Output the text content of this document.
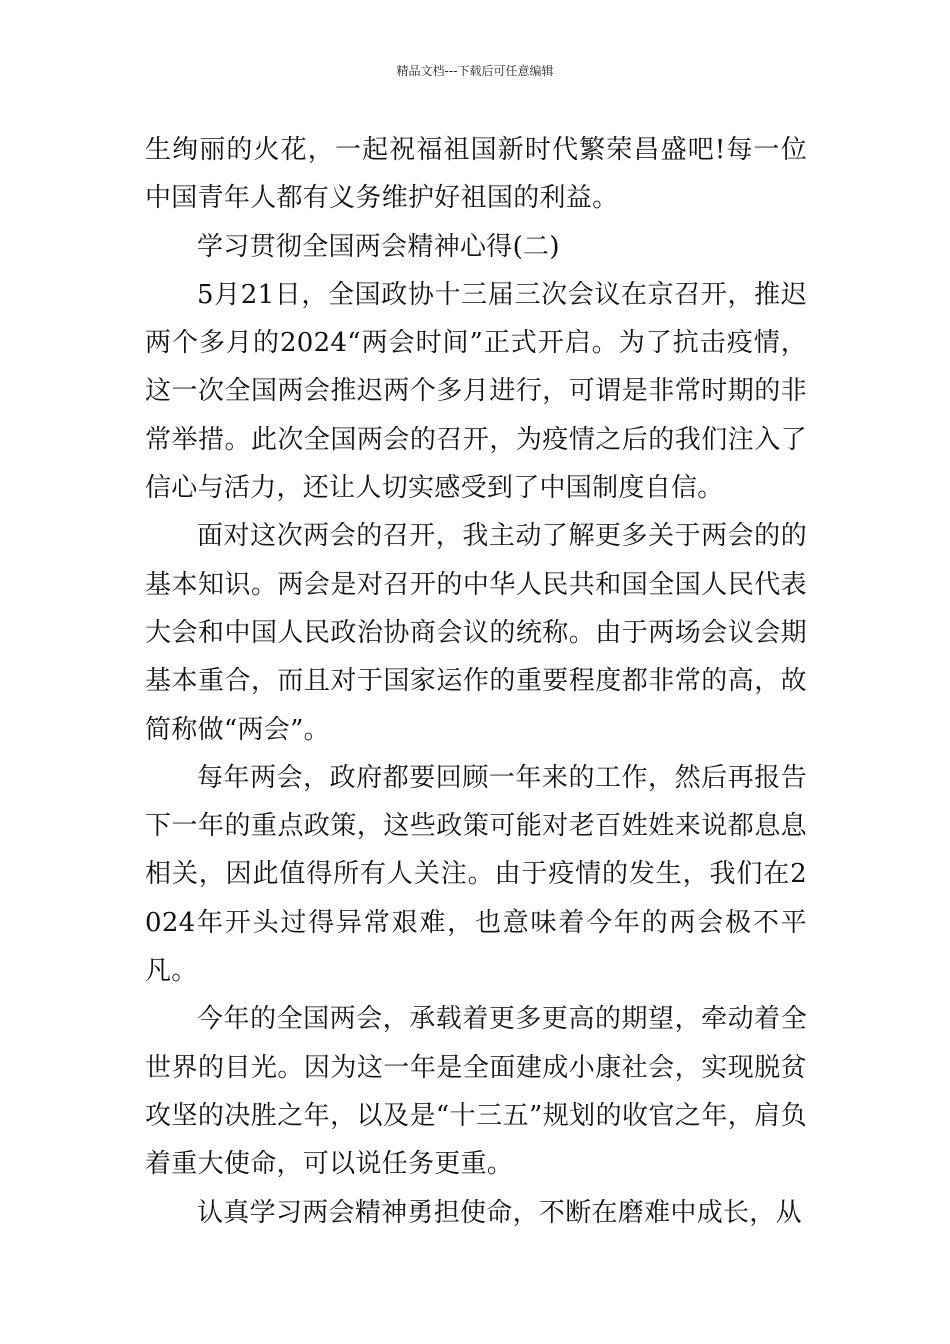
精品文档---下载后可任意编辑

生绚丽的火花，一起祝福祖国新时代繁荣昌盛吧!每一位中国青年人都有义务维护好祖国的利益。

学习贯彻全国两会精神心得(二)

5月21日，全国政协十三届三次会议在京召开，推迟两个多月的2024“两会时间”正式开启。为了抗击疫情，这一次全国两会推迟两个多月进行，可谓是非常时期的非常举措。此次全国两会的召开，为疫情之后的我们注入了信心与活力，还让人切实感受到了中国制度自信。

面对这次两会的召开，我主动了解更多关于两会的的基本知识。两会是对召开的中华人民共和国全国人民代表大会和中国人民政治协商会议的统称。由于两场会议会期基本重合，而且对于国家运作的重要程度都非常的高，故简称做“两会”。

每年两会，政府都要回顾一年来的工作，然后再报告下一年的重点政策，这些政策可能对老百姓姓来说都息息相关，因此值得所有人关注。由于疫情的发生，我们在2024年开头过得异常艰难，也意味着今年的两会极不平凡。

今年的全国两会，承载着更多更高的期望，牵动着全世界的目光。因为这一年是全面建成小康社会，实现脱贫攻坚的决胜之年，以及是“十三五”规划的收官之年，肩负着重大使命，可以说任务更重。

认真学习两会精神勇担使命，不断在磨难中成长，从
